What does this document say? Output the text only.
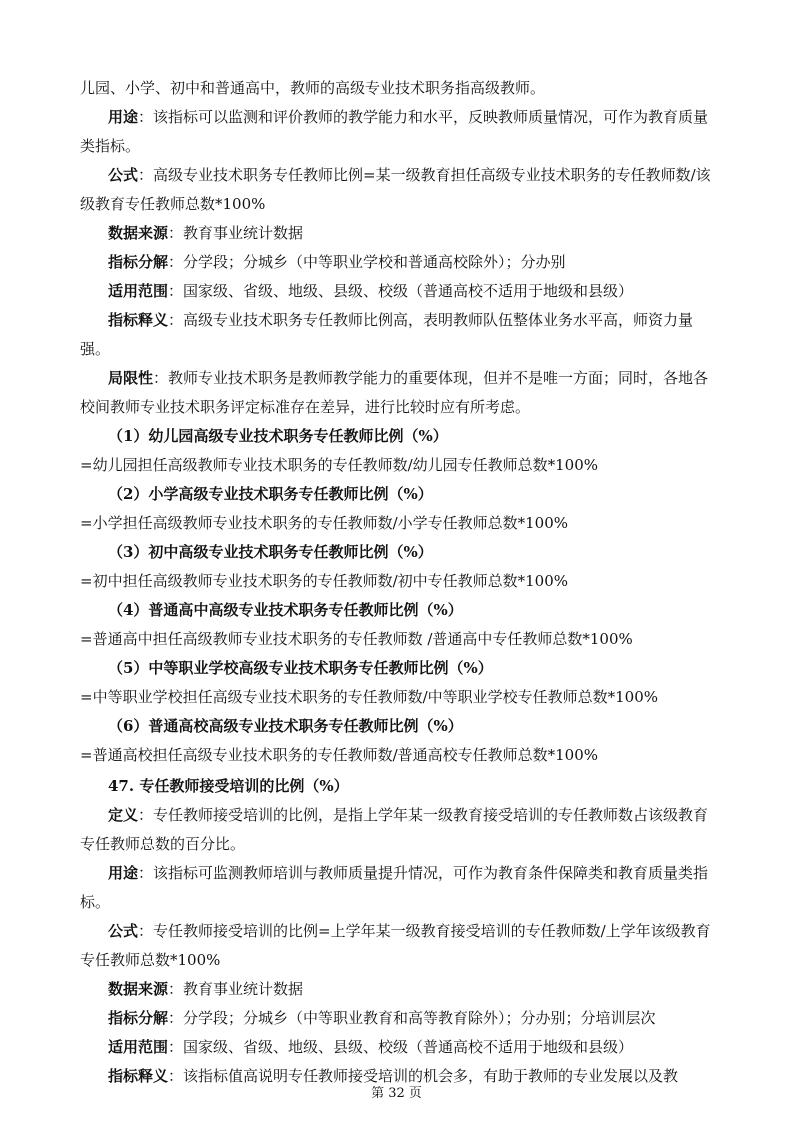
儿园、小学、初中和普通高中，教师的高级专业技术职务指高级教师。

用途：该指标可以监测和评价教师的教学能力和水平，反映教师质量情况，可作为教育质量类指标。

公式：高级专业技术职务专任教师比例=某一级教育担任高级专业技术职务的专任教师数/该级教育专任教师总数*100%

数据来源：教育事业统计数据

指标分解：分学段；分城乡（中等职业学校和普通高校除外）；分办别

适用范围：国家级、省级、地级、县级、校级（普通高校不适用于地级和县级）

指标释义：高级专业技术职务专任教师比例高，表明教师队伍整体业务水平高，师资力量强。

局限性：教师专业技术职务是教师教学能力的重要体现，但并不是唯一方面；同时，各地各校间教师专业技术职务评定标准存在差异，进行比较时应有所考虑。

（1）幼儿园高级专业技术职务专任教师比例（%）

=幼儿园担任高级教师专业技术职务的专任教师数/幼儿园专任教师总数*100%

（2）小学高级专业技术职务专任教师比例（%）

=小学担任高级教师专业技术职务的专任教师数/小学专任教师总数*100%

（3）初中高级专业技术职务专任教师比例（%）

=初中担任高级教师专业技术职务的专任教师数/初中专任教师总数*100%

（4）普通高中高级专业技术职务专任教师比例（%）

=普通高中担任高级教师专业技术职务的专任教师数 /普通高中专任教师总数*100%

（5）中等职业学校高级专业技术职务专任教师比例（%）

=中等职业学校担任高级专业技术职务的专任教师数/中等职业学校专任教师总数*100%

（6）普通高校高级专业技术职务专任教师比例（%）

=普通高校担任高级专业技术职务的专任教师数/普通高校专任教师总数*100%

47. 专任教师接受培训的比例（%）

定义：专任教师接受培训的比例，是指上学年某一级教育接受培训的专任教师数占该级教育专任教师总数的百分比。

用途：该指标可监测教师培训与教师质量提升情况，可作为教育条件保障类和教育质量类指标。

公式：专任教师接受培训的比例=上学年某一级教育接受培训的专任教师数/上学年该级教育专任教师总数*100%

数据来源：教育事业统计数据

指标分解：分学段；分城乡（中等职业教育和高等教育除外）；分办别；分培训层次

适用范围：国家级、省级、地级、县级、校级（普通高校不适用于地级和县级）

指标释义：该指标值高说明专任教师接受培训的机会多，有助于教师的专业发展以及教

第 32 页
